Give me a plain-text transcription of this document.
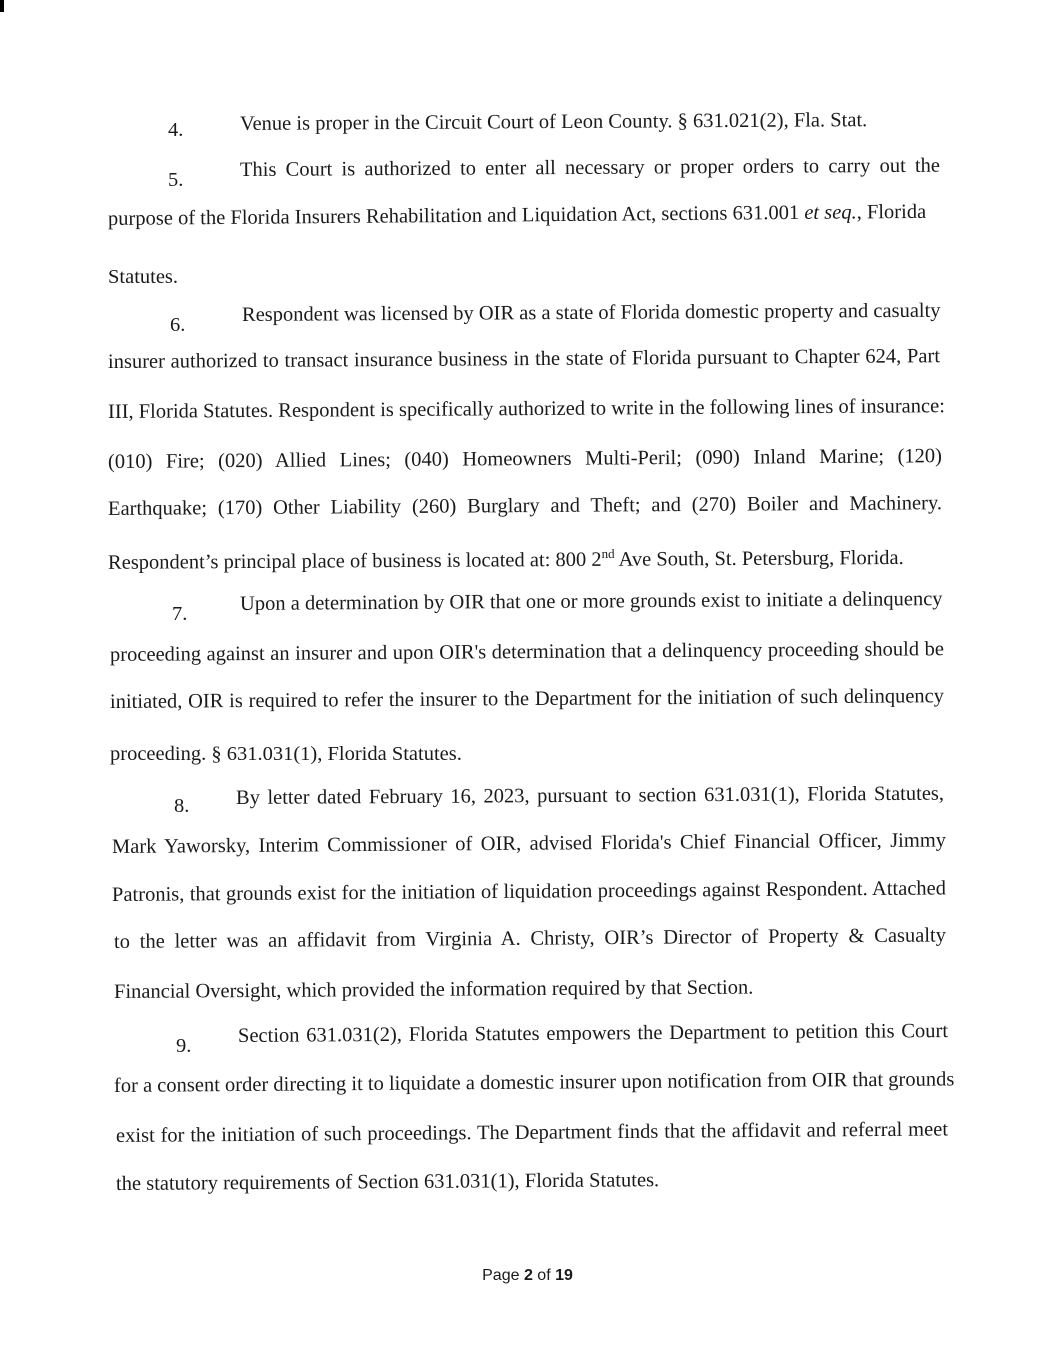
4.	Venue is proper in the Circuit Court of Leon County. § 631.021(2), Fla. Stat.
5.	This Court is authorized to enter all necessary or proper orders to carry out the
purpose of the Florida Insurers Rehabilitation and Liquidation Act, sections 631.001 et seq., Florida
Statutes.
6.	Respondent was licensed by OIR as a state of Florida domestic property and casualty
insurer authorized to transact insurance business in the state of Florida pursuant to Chapter 624, Part
III, Florida Statutes. Respondent is specifically authorized to write in the following lines of insurance:
(010) Fire; (020) Allied Lines; (040) Homeowners Multi-Peril; (090) Inland Marine; (120)
Earthquake; (170) Other Liability (260) Burglary and Theft; and (270) Boiler and Machinery.
Respondent’s principal place of business is located at: 800 2nd Ave South, St. Petersburg, Florida.
7.	Upon a determination by OIR that one or more grounds exist to initiate a delinquency
proceeding against an insurer and upon OIR's determination that a delinquency proceeding should be
initiated, OIR is required to refer the insurer to the Department for the initiation of such delinquency
proceeding. § 631.031(1), Florida Statutes.
8. By letter dated February 16, 2023, pursuant to section 631.031(1), Florida Statutes,
Mark Yaworsky, Interim Commissioner of OIR, advised Florida's Chief Financial Officer, Jimmy
Patronis, that grounds exist for the initiation of liquidation proceedings against Respondent. Attached
to the letter was an affidavit from Virginia A. Christy, OIR’s Director of Property & Casualty
Financial Oversight, which provided the information required by that Section.
9. Section 631.031(2), Florida Statutes empowers the Department to petition this Court
for a consent order directing it to liquidate a domestic insurer upon notification from OIR that grounds
exist for the initiation of such proceedings. The Department finds that the affidavit and referral meet
the statutory requirements of Section 631.031(1), Florida Statutes.
Page 2 of 19
